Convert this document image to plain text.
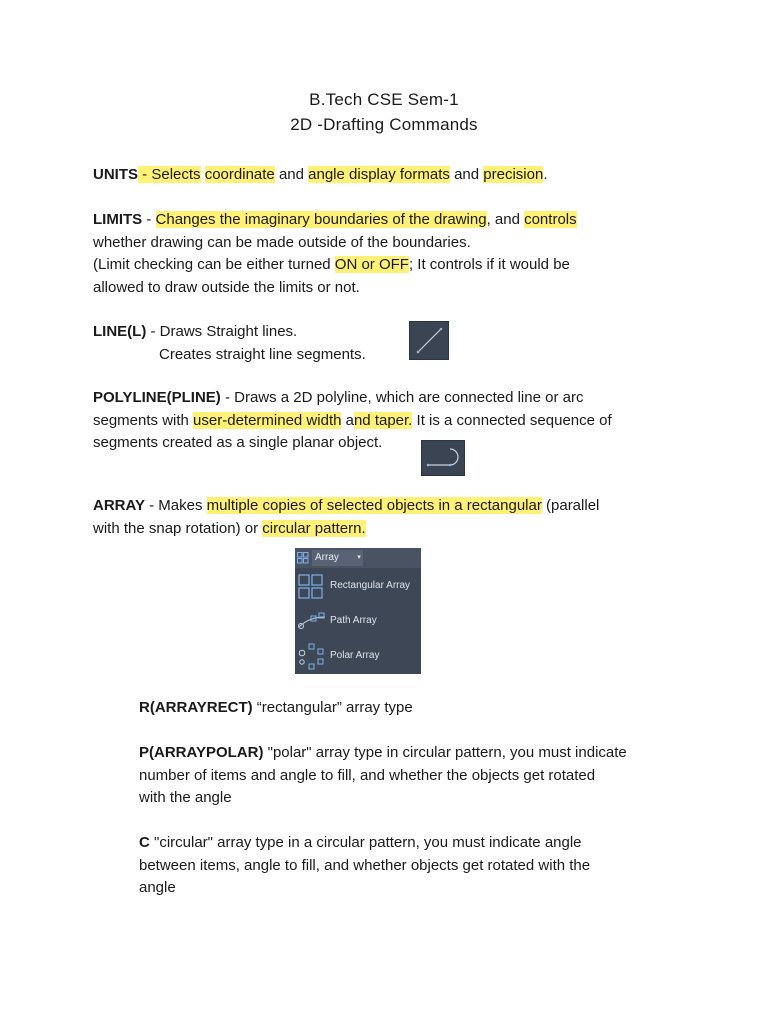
B.Tech CSE Sem-1
2D -Drafting Commands
UNITS - Selects coordinate and angle display formats and precision.
LIMITS - Changes the imaginary boundaries of the drawing, and controls
whether drawing can be made outside of the boundaries.
(Limit checking can be either turned ON or OFF; It controls if it would be
allowed to draw outside the limits or not.
LINE(L) - Draws Straight lines.
Creates straight line segments.
POLYLINE(PLINE) - Draws a 2D polyline, which are connected line or arc
segments with user-determined width and taper. It is a connected sequence of
segments created as a single planar object.
ARRAY - Makes multiple copies of selected objects in a rectangular (parallel
with the snap rotation) or circular pattern.
Array	▾
Rectangular Array
Path Array
Polar Array
R(ARRAYRECT) “rectangular” array type
P(ARRAYPOLAR) "polar" array type in circular pattern, you must indicate
number of items and angle to fill, and whether the objects get rotated
with the angle
C "circular" array type in a circular pattern, you must indicate angle
between items, angle to fill, and whether objects get rotated with the
angle
